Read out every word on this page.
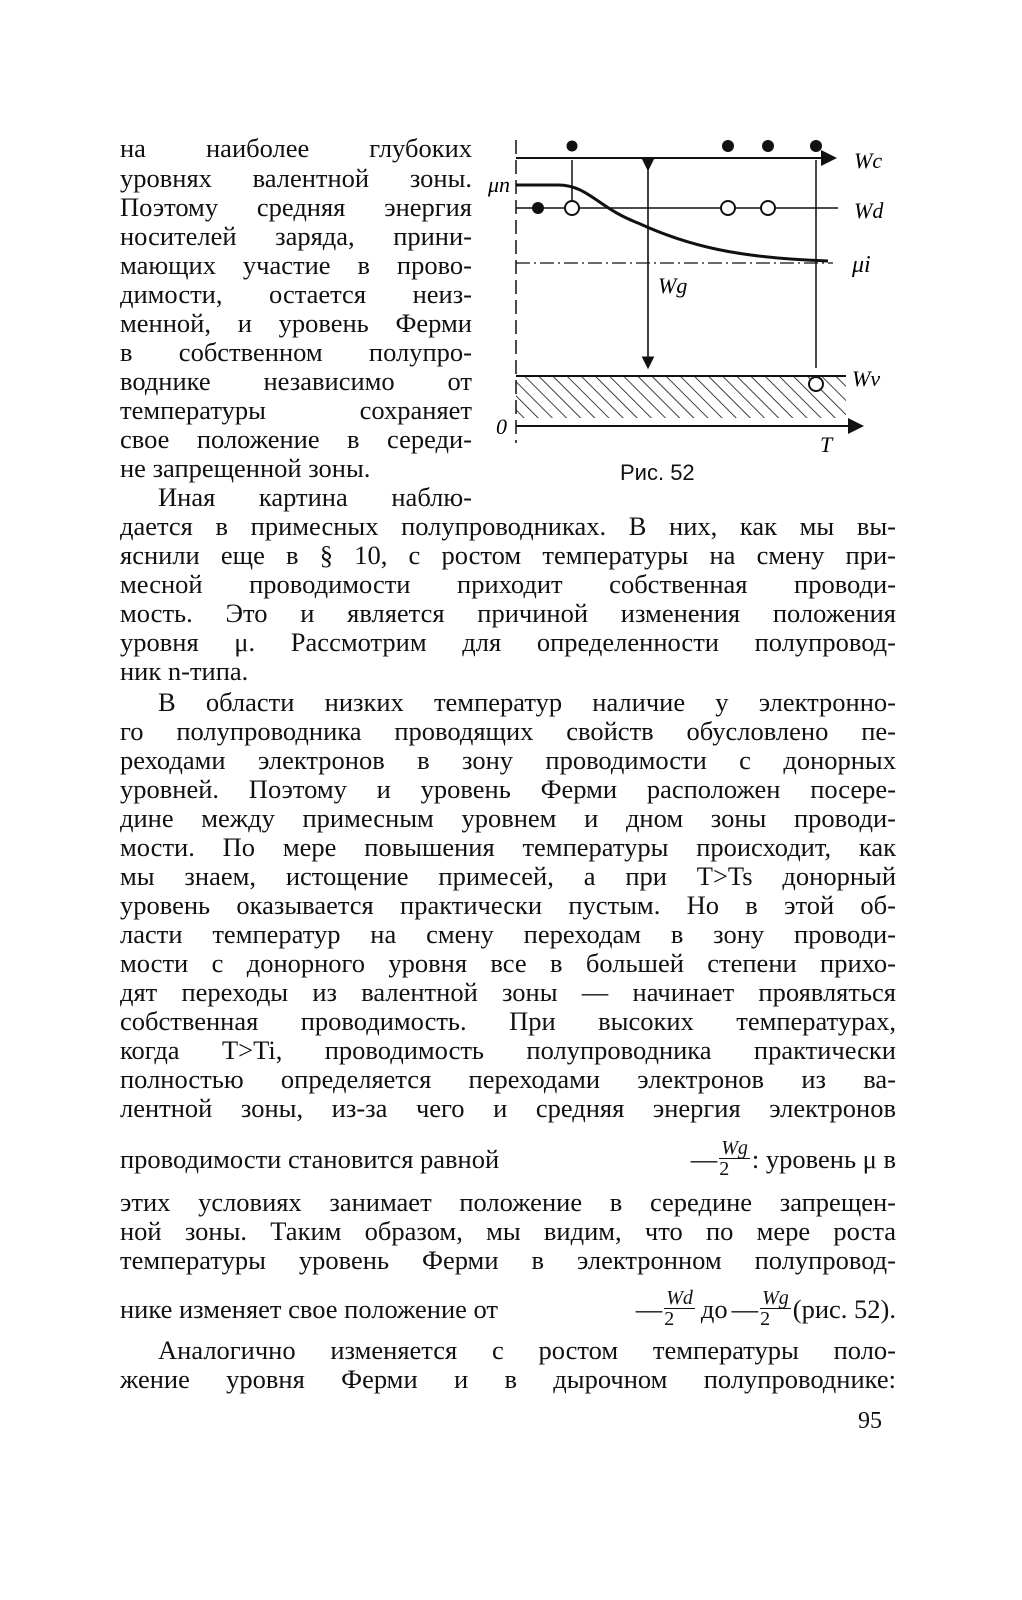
на наиболее глубоких
уровнях валентной зоны.
Поэтому средняя энергия
носителей заряда, прини-
мающих участие в прово-
димости, остается неиз-
менной, и уровень Ферми
в собственном полупро-
воднике независимо от
температуры сохраняет
свое положение в середи-
не запрещенной зоны.
Иная картина наблю-
дается в примесных полупроводниках. В них, как мы вы-
яснили еще в § 10, с ростом температуры на смену при-
месной проводимости приходит собственная проводи-
мость. Это и является причиной изменения положения
уровня μ. Рассмотрим для определенности полупровод-
ник n-типа.
В области низких температур наличие у электронно-
го полупроводника проводящих свойств обусловлено пе-
реходами электронов в зону проводимости с донорных
уровней. Поэтому и уровень Ферми расположен посере-
дине между примесным уровнем и дном зоны проводи-
мости. По мере повышения температуры происходит, как
мы знаем, истощение примесей, а при T>Ts донорный
уровень оказывается практически пустым. Но в этой об-
ласти температур на смену переходам в зону проводи-
мости с донорного уровня все в большей степени прихо-
дят переходы из валентной зоны — начинает проявляться
собственная проводимость. При высоких температурах,
когда T>Ti, проводимость полупроводника практически
полностью определяется переходами электронов из ва-
лентной зоны, из-за чего и средняя энергия электронов
проводимости становится равной	— $\frac{Wg}{2}$ : уровень μ в
этих условиях занимает положение в середине запрещен-
ной зоны. Таким образом, мы видим, что по мере роста
температуры уровень Ферми в электронном полупровод-
нике изменяет свое положение от	— $\frac{Wd}{2}$ до — $\frac{Wg}{2} (рис$. 52).
Аналогично изменяется с ростом температуры поло-
жение уровня Ферми и в дырочном полупроводнике:
95
Wc
Wd
μi
Wv
μn
Wg
0
T
Рис. 52
